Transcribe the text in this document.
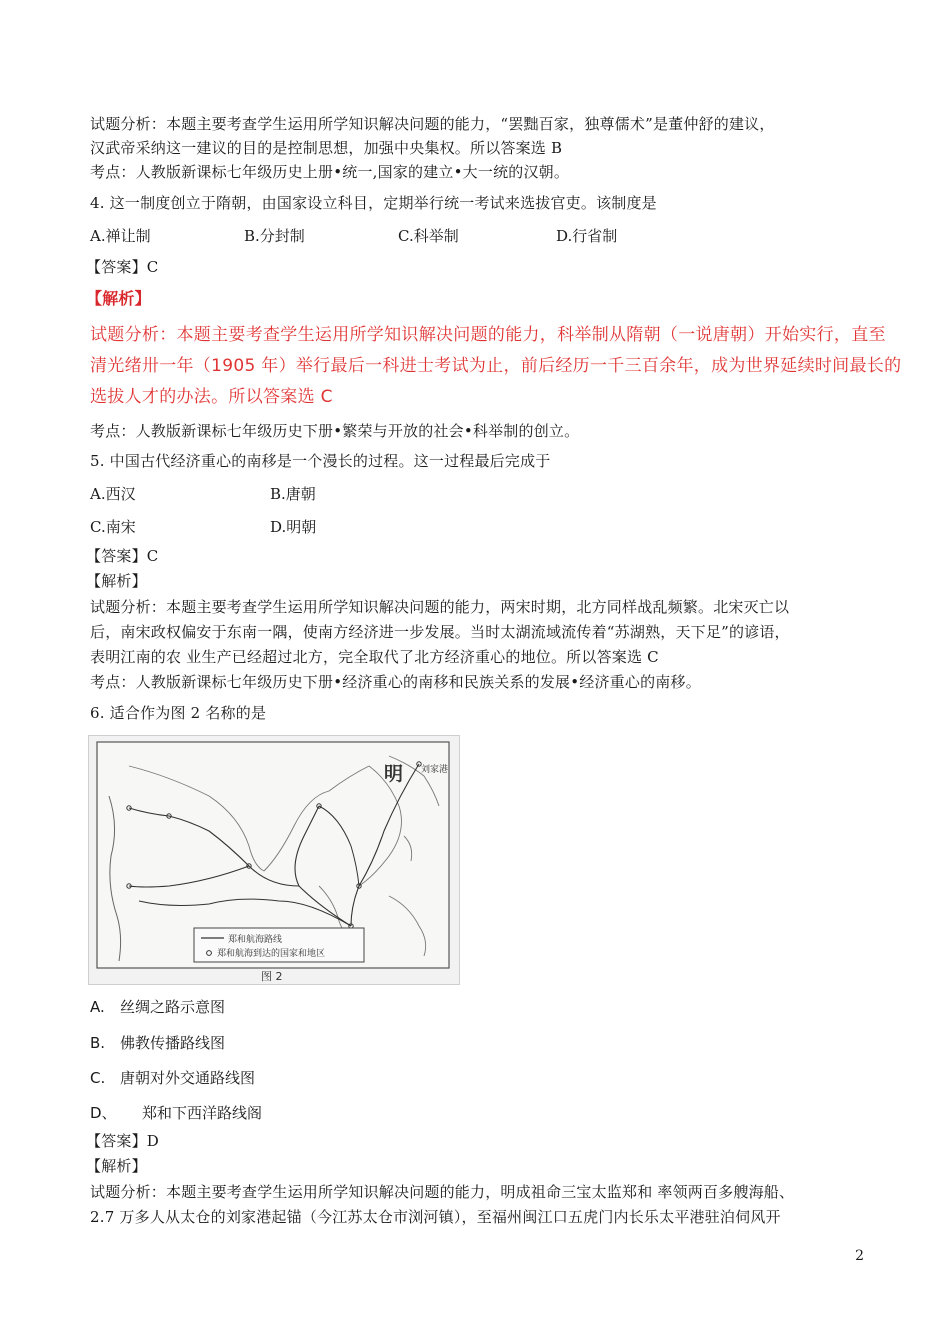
试题分析：本题主要考查学生运用所学知识解决问题的能力，“罢黜百家，独尊儒术”是董仲舒的建议，
汉武帝采纳这一建议的目的是控制思想，加强中央集权。所以答案选 B
考点：人教版新课标七年级历史上册•统一,国家的建立•大一统的汉朝。
4. 这一制度创立于隋朝，由国家设立科目，定期举行统一考试来选拔官吏。该制度是
A.禅让制	B.分封制	C.科举制	D.行省制
【答案】C
【解析】
试题分析：本题主要考查学生运用所学知识解决问题的能力，科举制从隋朝（一说唐朝）开始实行，直至
清光绪卅一年（1905 年）举行最后一科进士考试为止，前后经历一千三百余年，成为世界延续时间最长的
选拔人才的办法。所以答案选 C
考点：人教版新课标七年级历史下册•繁荣与开放的社会•科举制的创立。
5. 中国古代经济重心的南移是一个漫长的过程。这一过程最后完成于
A.西汉	B.唐朝
C.南宋	D.明朝
【答案】C
【解析】
试题分析：本题主要考查学生运用所学知识解决问题的能力，两宋时期，北方同样战乱频繁。北宋灭亡以
后，南宋政权偏安于东南一隅，使南方经济进一步发展。当时太湖流域流传着“苏湖熟，天下足”的谚语，
表明江南的农 业生产已经超过北方，完全取代了北方经济重心的地位。所以答案选 C
考点：人教版新课标七年级历史下册•经济重心的南移和民族关系的发展•经济重心的南移。
6. 适合作为图 2 名称的是
明 刘家港
郑和航海路线
郑和航海到达的国家和地区
图 2
A. 丝绸之路示意图
B. 佛教传播路线图
C. 唐朝对外交通路线图
D、 郑和下西洋路线阁
【答案】D
【解析】
试题分析：本题主要考查学生运用所学知识解决问题的能力，明成祖命三宝太监郑和 率领两百多艘海船、
2.7 万多人从太仓的刘家港起锚（今江苏太仓市浏河镇），至福州闽江口五虎门内长乐太平港驻泊伺风开
2
